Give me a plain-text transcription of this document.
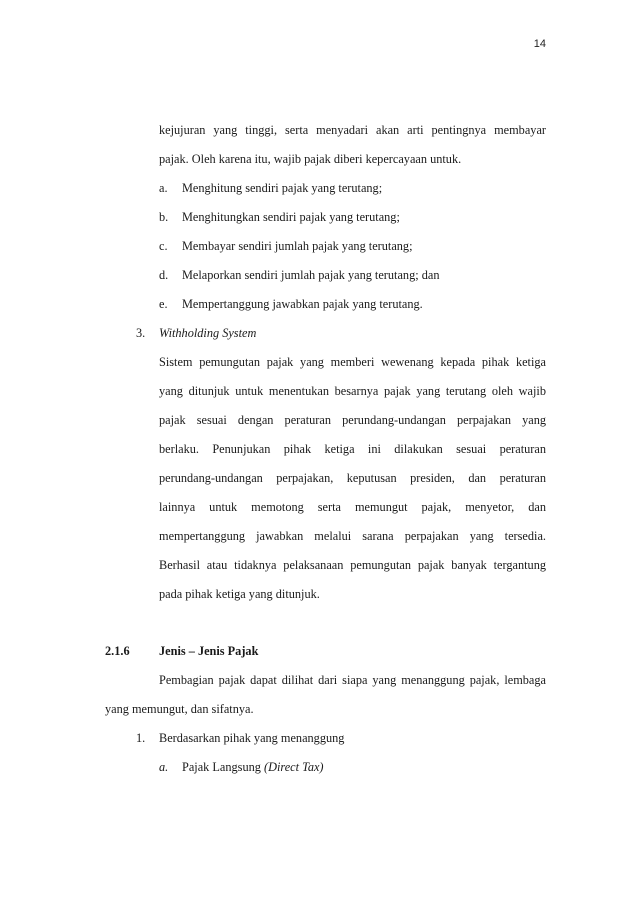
14
kejujuran yang tinggi, serta menyadari akan arti pentingnya membayar
pajak. Oleh karena itu, wajib pajak diberi kepercayaan untuk.
a. Menghitung sendiri pajak yang terutang;
b. Menghitungkan sendiri pajak yang terutang;
c. Membayar sendiri jumlah pajak yang terutang;
d. Melaporkan sendiri jumlah pajak yang terutang; dan
e. Mempertanggung jawabkan pajak yang terutang.
3. Withholding System
Sistem pemungutan pajak yang memberi wewenang kepada pihak ketiga
yang ditunjuk untuk menentukan besarnya pajak yang terutang oleh wajib
pajak sesuai dengan peraturan perundang-undangan perpajakan yang
berlaku. Penunjukan pihak ketiga ini dilakukan sesuai peraturan
perundang-undangan perpajakan, keputusan presiden, dan peraturan
lainnya untuk memotong serta memungut pajak, menyetor, dan
mempertanggung jawabkan melalui sarana perpajakan yang tersedia.
Berhasil atau tidaknya pelaksanaan pemungutan pajak banyak tergantung
pada pihak ketiga yang ditunjuk.
2.1.6 Jenis – Jenis Pajak
Pembagian pajak dapat dilihat dari siapa yang menanggung pajak, lembaga
yang memungut, dan sifatnya.
1. Berdasarkan pihak yang menanggung
a. Pajak Langsung (Direct Tax)
